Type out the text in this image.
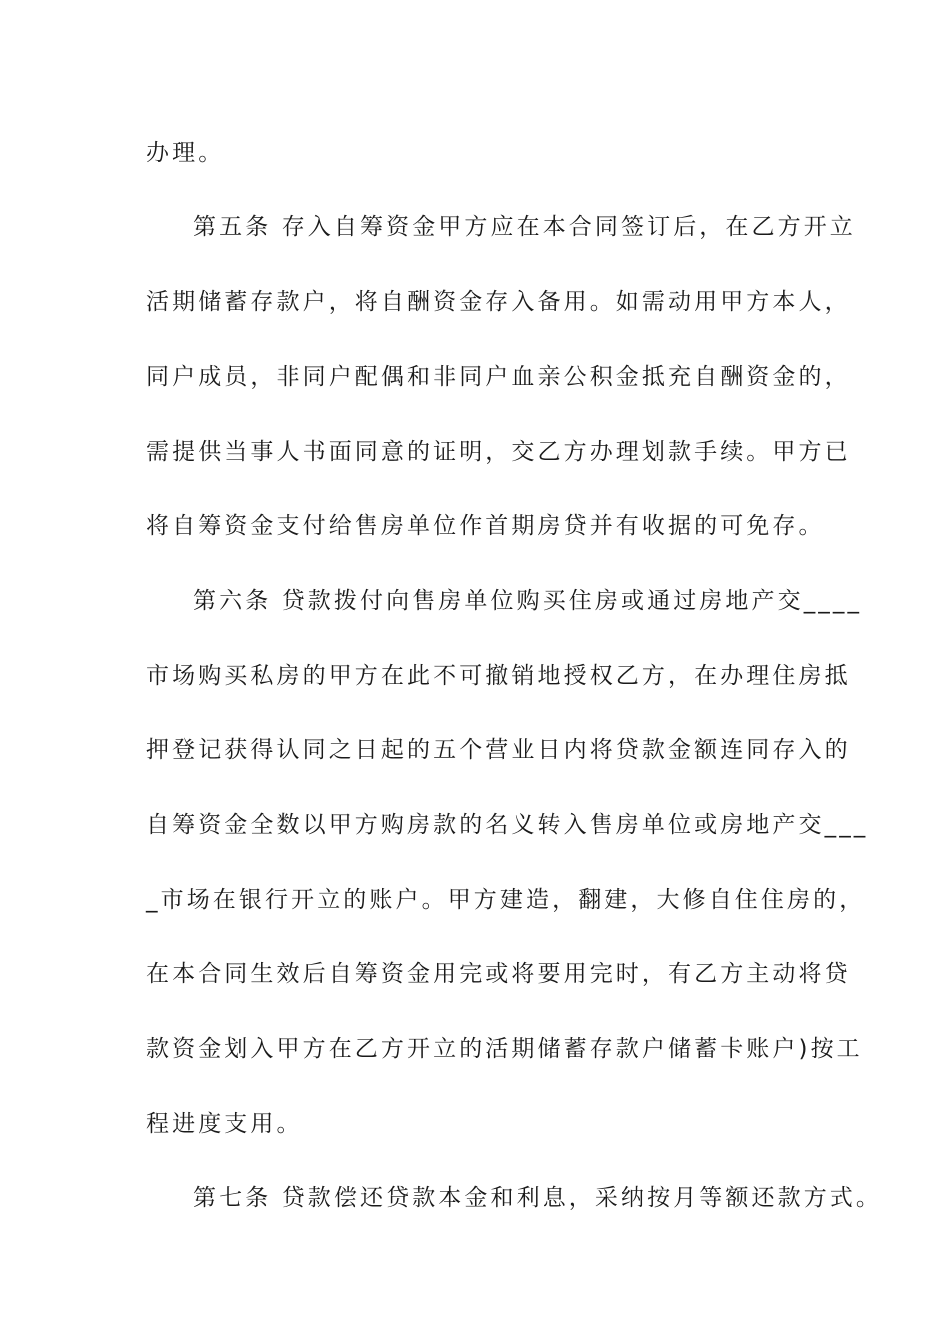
办理。
第五条 存入自筹资金甲方应在本合同签订后，在乙方开立
活期储蓄存款户，将自酬资金存入备用。如需动用甲方本人，
同户成员，非同户配偶和非同户血亲公积金抵充自酬资金的，
需提供当事人书面同意的证明，交乙方办理划款手续。甲方已
将自筹资金支付给售房单位作首期房贷并有收据的可免存。
第六条 贷款拨付向售房单位购买住房或通过房地产交____
市场购买私房的甲方在此不可撤销地授权乙方，在办理住房抵
押登记获得认同之日起的五个营业日内将贷款金额连同存入的
自筹资金全数以甲方购房款的名义转入售房单位或房地产交___
_市场在银行开立的账户。甲方建造，翻建，大修自住住房的，
在本合同生效后自筹资金用完或将要用完时，有乙方主动将贷
款资金划入甲方在乙方开立的活期储蓄存款户储蓄卡账户)按工
程进度支用。
第七条 贷款偿还贷款本金和利息，采纳按月等额还款方式。
